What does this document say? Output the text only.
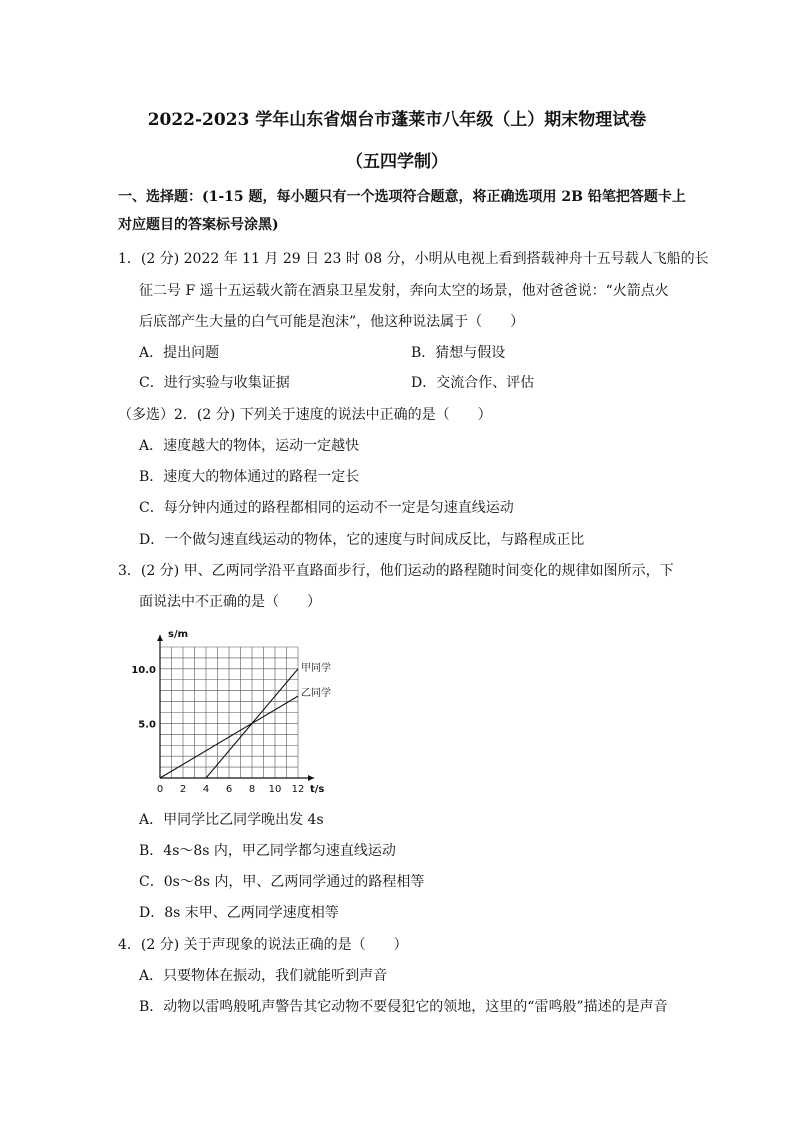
2022-2023 学年山东省烟台市蓬莱市八年级（上）期末物理试卷
（五四学制）
一、选择题：(1-15 题，每小题只有一个选项符合题意，将正确选项用 2B 铅笔把答题卡上
对应题目的答案标号涂黑)
1．(2 分) 2022 年 11 月 29 日 23 时 08 分，小明从电视上看到搭载神舟十五号载人飞船的长
征二号 F 遥十五运载火箭在酒泉卫星发射，奔向太空的场景，他对爸爸说：“火箭点火
后底部产生大量的白气可能是泡沫”，他这种说法属于（　　）
A．提出问题	B．猜想与假设
C．进行实验与收集证据	D．交流合作、评估
（多选）2．(2 分) 下列关于速度的说法中正确的是（　　）
A．速度越大的物体，运动一定越快
B．速度大的物体通过的路程一定长
C．每分钟内通过的路程都相同的运动不一定是匀速直线运动
D．一个做匀速直线运动的物体，它的速度与时间成反比，与路程成正比
3．(2 分) 甲、乙两同学沿平直路面步行，他们运动的路程随时间变化的规律如图所示，下
面说法中不正确的是（　　）
s/m
t/s
0 2 4 6 8 10 12
5.0
10.0	甲同学
乙同学
A．甲同学比乙同学晚出发 4s
B．4s～8s 内，甲乙同学都匀速直线运动
C．0s～8s 内，甲、乙两同学通过的路程相等
D．8s 末甲、乙两同学速度相等
4．(2 分) 关于声现象的说法正确的是（　　）
A．只要物体在振动，我们就能听到声音
B．动物以雷鸣般吼声警告其它动物不要侵犯它的领地，这里的“雷鸣般”描述的是声音
